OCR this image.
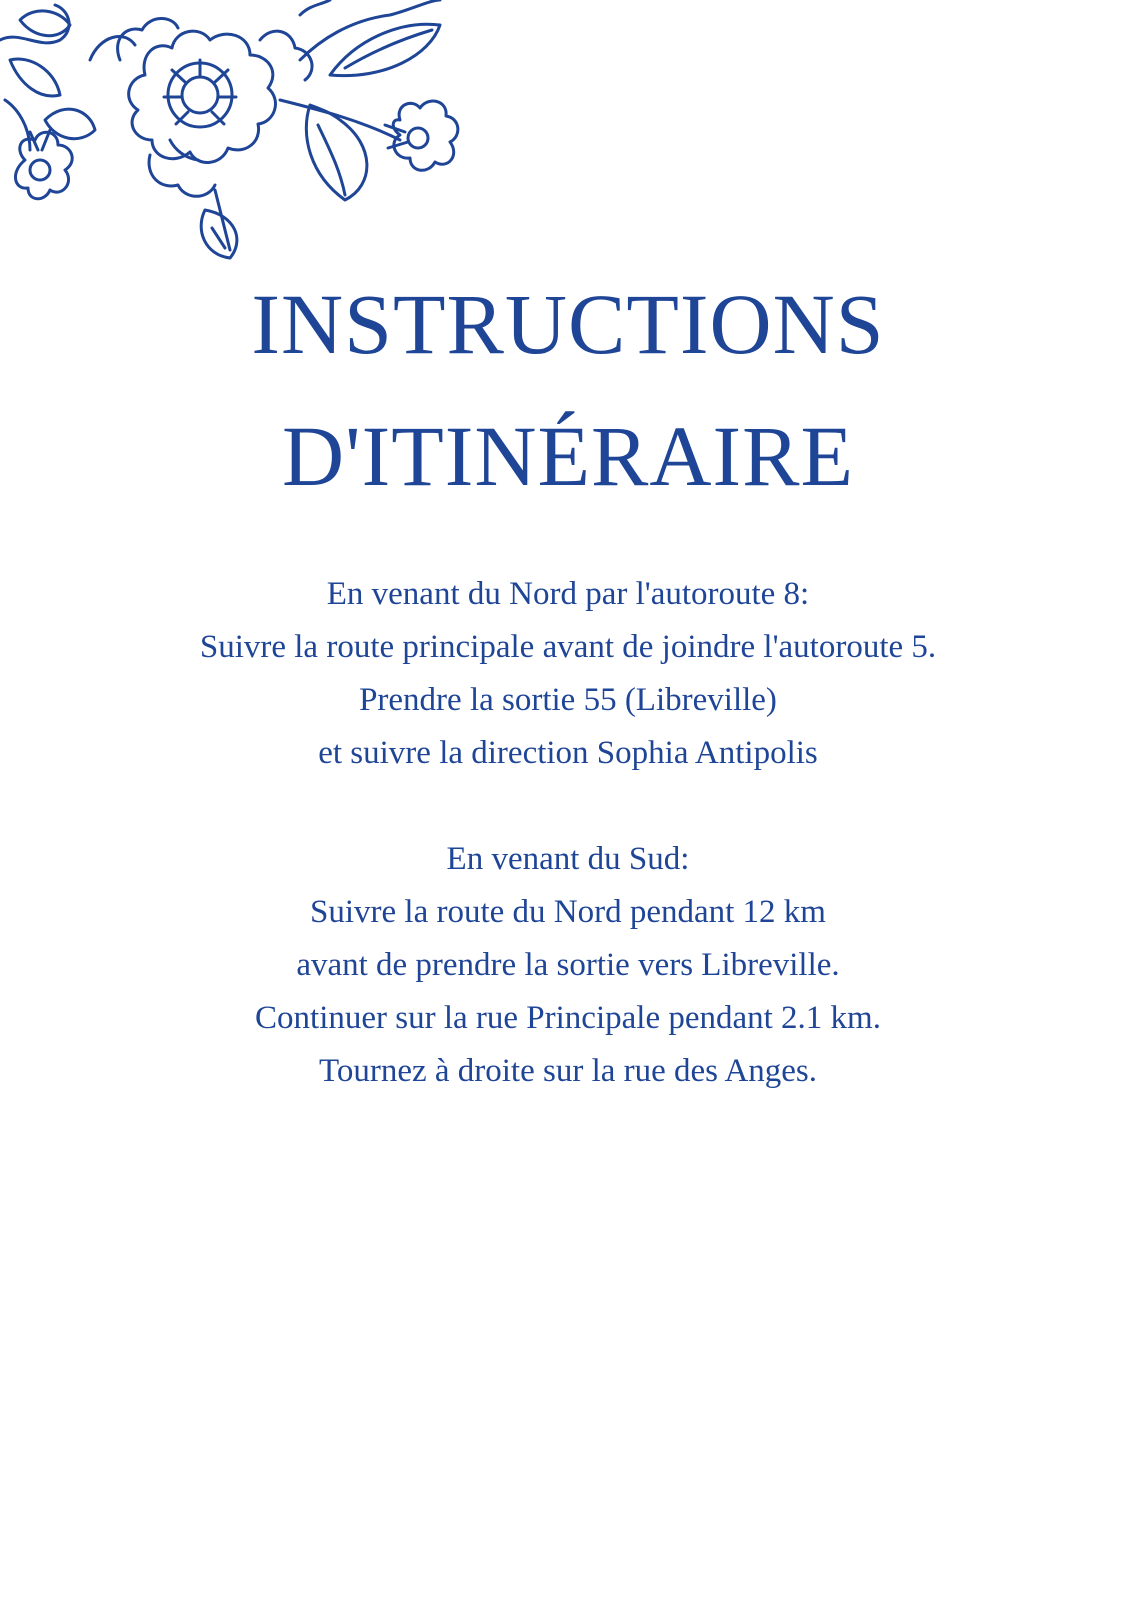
INSTRUCTIONS
D'ITINÉRAIRE
En venant du Nord par l'autoroute 8:
Suivre la route principale avant de joindre l'autoroute 5.
Prendre la sortie 55 (Libreville)
et suivre la direction Sophia Antipolis
En venant du Sud:
Suivre la route du Nord pendant 12 km
avant de prendre la sortie vers Libreville.
Continuer sur la rue Principale pendant 2.1 km.
Tournez à droite sur la rue des Anges.
